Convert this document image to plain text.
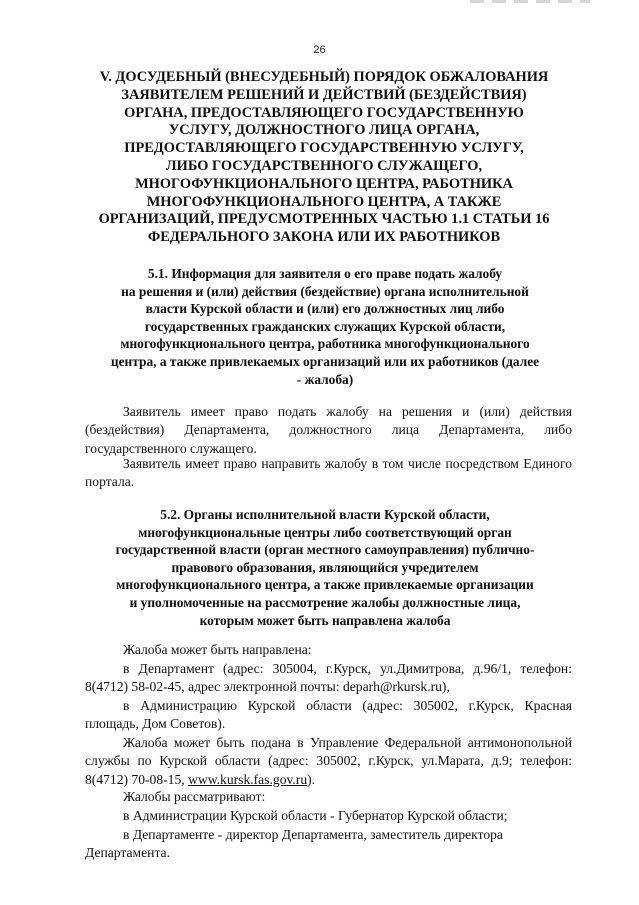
26
V. ДОСУДЕБНЫЙ (ВНЕСУДЕБНЫЙ) ПОРЯДОК ОБЖАЛОВАНИЯ
ЗАЯВИТЕЛЕМ РЕШЕНИЙ И ДЕЙСТВИЙ (БЕЗДЕЙСТВИЯ)
ОРГАНА, ПРЕДОСТАВЛЯЮЩЕГО ГОСУДАРСТВЕННУЮ
УСЛУГУ, ДОЛЖНОСТНОГО ЛИЦА ОРГАНА,
ПРЕДОСТАВЛЯЮЩЕГО ГОСУДАРСТВЕННУЮ УСЛУГУ,
ЛИБО ГОСУДАРСТВЕННОГО СЛУЖАЩЕГО,
МНОГОФУНКЦИОНАЛЬНОГО ЦЕНТРА, РАБОТНИКА
МНОГОФУНКЦИОНАЛЬНОГО ЦЕНТРА, А ТАКЖЕ
ОРГАНИЗАЦИЙ, ПРЕДУСМОТРЕННЫХ ЧАСТЬЮ 1.1 СТАТЬИ 16
ФЕДЕРАЛЬНОГО ЗАКОНА ИЛИ ИХ РАБОТНИКОВ
5.1. Информация для заявителя о его праве подать жалобу
на решения и (или) действия (бездействие) органа исполнительной
власти Курской области и (или) его должностных лиц либо
государственных гражданских служащих Курской области,
многофункционального центра, работника многофункционального
центра, а также привлекаемых организаций или их работников (далее
- жалоба)

Заявитель имеет право подать жалобу на решения и (или) действия (бездействия) Департамента, должностного лица Департамента, либо государственного служащего.

Заявитель имеет право направить жалобу в том числе посредством Единого портала.

5.2. Органы исполнительной власти Курской области,
многофункциональные центры либо соответствующий орган
государственной власти (орган местного самоуправления) публично-
правового образования, являющийся учредителем
многофункционального центра, а также привлекаемые организации
и уполномоченные на рассмотрение жалобы должностные лица,
которым может быть направлена жалоба

Жалоба может быть направлена:

в Департамент (адрес: 305004, г.Курск, ул.Димитрова, д.96/1, телефон: 8(4712) 58-02-45, адрес электронной почты: deparh@rkursk.ru),

в Администрацию Курской области (адрес: 305002, г.Курск, Красная площадь, Дом Советов).

Жалоба может быть подана в Управление Федеральной антимонопольной службы по Курской области (адрес: 305002, г.Курск, ул.Марата, д.9; телефон: 8(4712) 70-08-15, www.kursk.fas.gov.ru).

Жалобы рассматривают:

в Администрации Курской области - Губернатор Курской области;

в Департаменте - директор Департамента, заместитель директора

Департамента.
